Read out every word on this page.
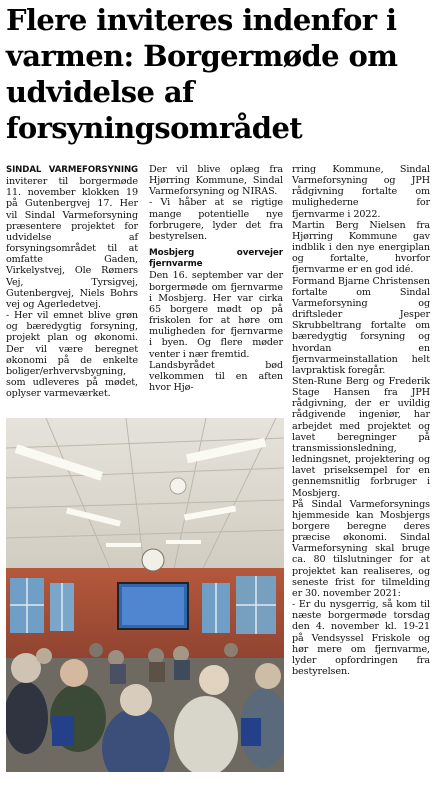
Flere inviteres indenfor i varmen: Borgermøde om udvidelse af forsyningsområdet

SINDAL VARMEFORSYNING inviterer til borgermøde 11. november klokken 19 på Gutenbergvej 17. Her vil Sindal Varmeforsyning præsentere projektet for udvidelse af forsyningsområdet til at omfatte Gaden, Virkelystvej, Ole Rømers Vej, Tyrsigvej, Gutenbergvej, Niels Bohrs vej og Agerledetvej.

- Her vil emnet blive grøn og bæredygtig forsyning, projekt plan og økonomi. Der vil være beregnet økonomi på de enkelte boliger/erhvervsbygning, som udleveres på mødet, oplyser varmeværket.

Der vil blive oplæg fra Hjørring Kommune, Sindal Varmeforsyning og NIRAS.

- Vi håber at se rigtige mange potentielle nye forbrugere, lyder det fra bestyrelsen.

Mosbjerg overvejer fjernvarme

Den 16. september var der borgermøde om fjernvarme i Mosbjerg. Her var cirka 65 borgere mødt op på friskolen for at høre om muligheden for fjernvarme i byen. Og flere møder venter i nær fremtid.

Landsbyrådet bød velkommen til en aften hvor Hjø-

rring Kommune, Sindal Varmeforsyning og JPH rådgivning fortalte om mulighederne for fjernvarme i 2022.

Martin Berg Nielsen fra Hjørring Kommune gav indblik i den nye energiplan og fortalte, hvorfor fjernvarme er en god idé.

Formand Bjarne Christensen fortalte om Sindal Varmeforsyning og driftsleder Jesper Skrubbeltrang fortalte om bæredygtig forsyning og hvordan en fjernvarmeinstallation helt lavpraktisk foregår.

Sten-Rune Berg og Frederik Stage Hansen fra JPH rådgivning, der er uvildig rådgivende ingeniør, har arbejdet med projektet og lavet beregninger på transmissionsledning, ledningsnet, projektering og lavet priseksempel for en gennemsnitlig forbruger i Mosbjerg.

På Sindal Varmeforsynings hjemmeside kan Mosbjergs borgere beregne deres præcise økonomi. Sindal Varmeforsyning skal bruge ca. 80 tilslutninger for at projektet kan realiseres, og seneste frist for tilmelding er 30. november 2021:

- Er du nysgerrig, så kom til næste borgermøde torsdag den 4. november kl. 19-21 på Vendsyssel Friskole og hør mere om fjernvarme, lyder opfordringen fra bestyrelsen.
